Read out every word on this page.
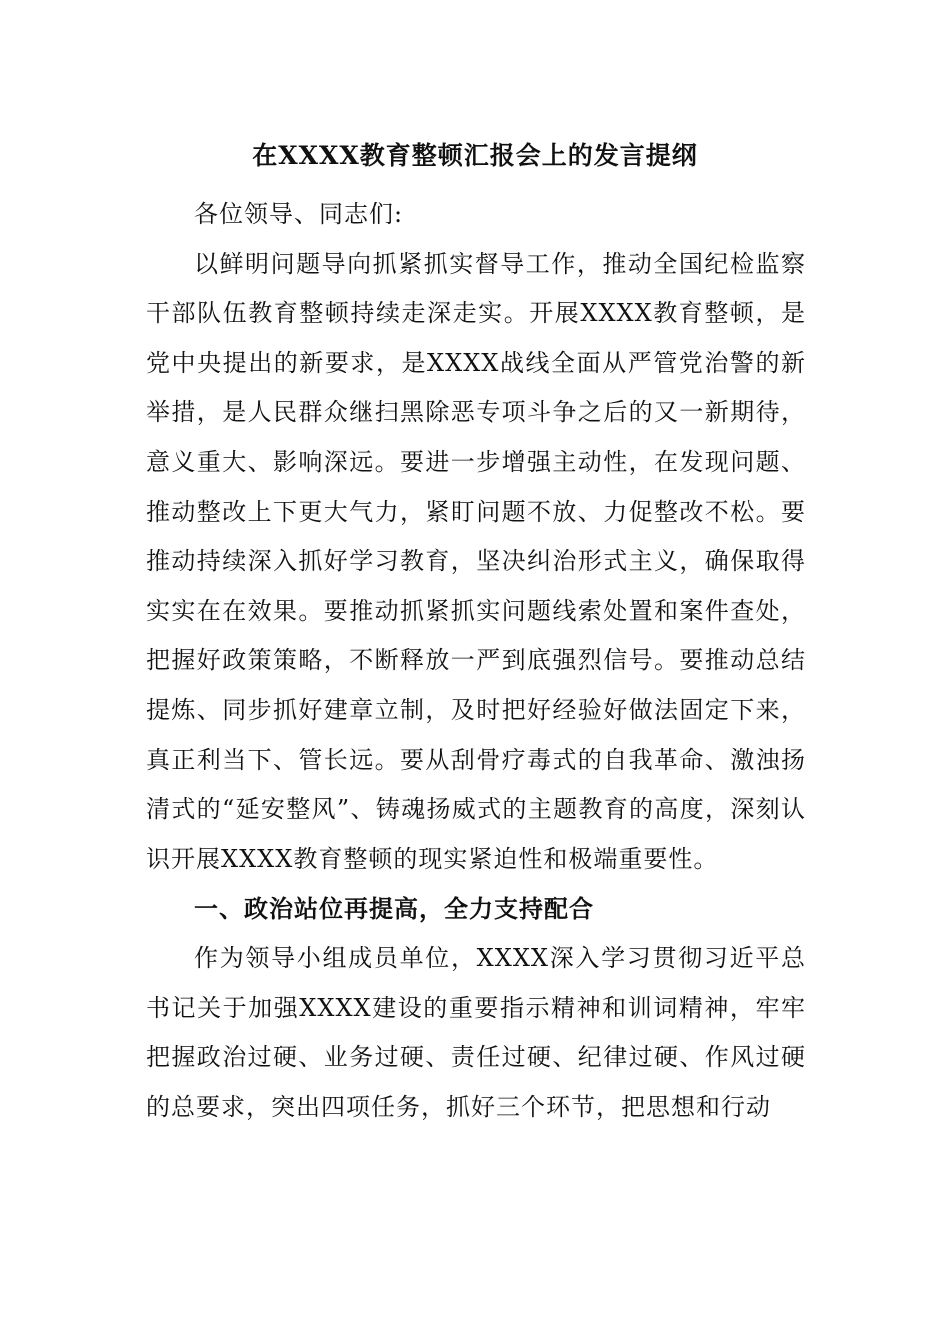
在XXXX教育整顿汇报会上的发言提纲

各位领导、同志们:

以鲜明问题导向抓紧抓实督导工作，推动全国纪检监察干部队伍教育整顿持续走深走实。开展XXXX教育整顿，是党中央提出的新要求，是XXXX战线全面从严管党治警的新举措，是人民群众继扫黑除恶专项斗争之后的又一新期待，意义重大、影响深远。要进一步增强主动性，在发现问题、推动整改上下更大气力，紧盯问题不放、力促整改不松。要推动持续深入抓好学习教育，坚决纠治形式主义，确保取得实实在在效果。要推动抓紧抓实问题线索处置和案件查处，把握好政策策略，不断释放一严到底强烈信号。要推动总结提炼、同步抓好建章立制，及时把好经验好做法固定下来，真正利当下、管长远。要从刮骨疗毒式的自我革命、激浊扬清式的“延安整风”、铸魂扬威式的主题教育的高度，深刻认识开展XXXX教育整顿的现实紧迫性和极端重要性。

一、政治站位再提高，全力支持配合

作为领导小组成员单位，XXXX深入学习贯彻习近平总书记关于加强XXXX建设的重要指示精神和训词精神，牢牢把握政治过硬、业务过硬、责任过硬、纪律过硬、作风过硬的总要求，突出四项任务，抓好三个环节，把思想和行动
